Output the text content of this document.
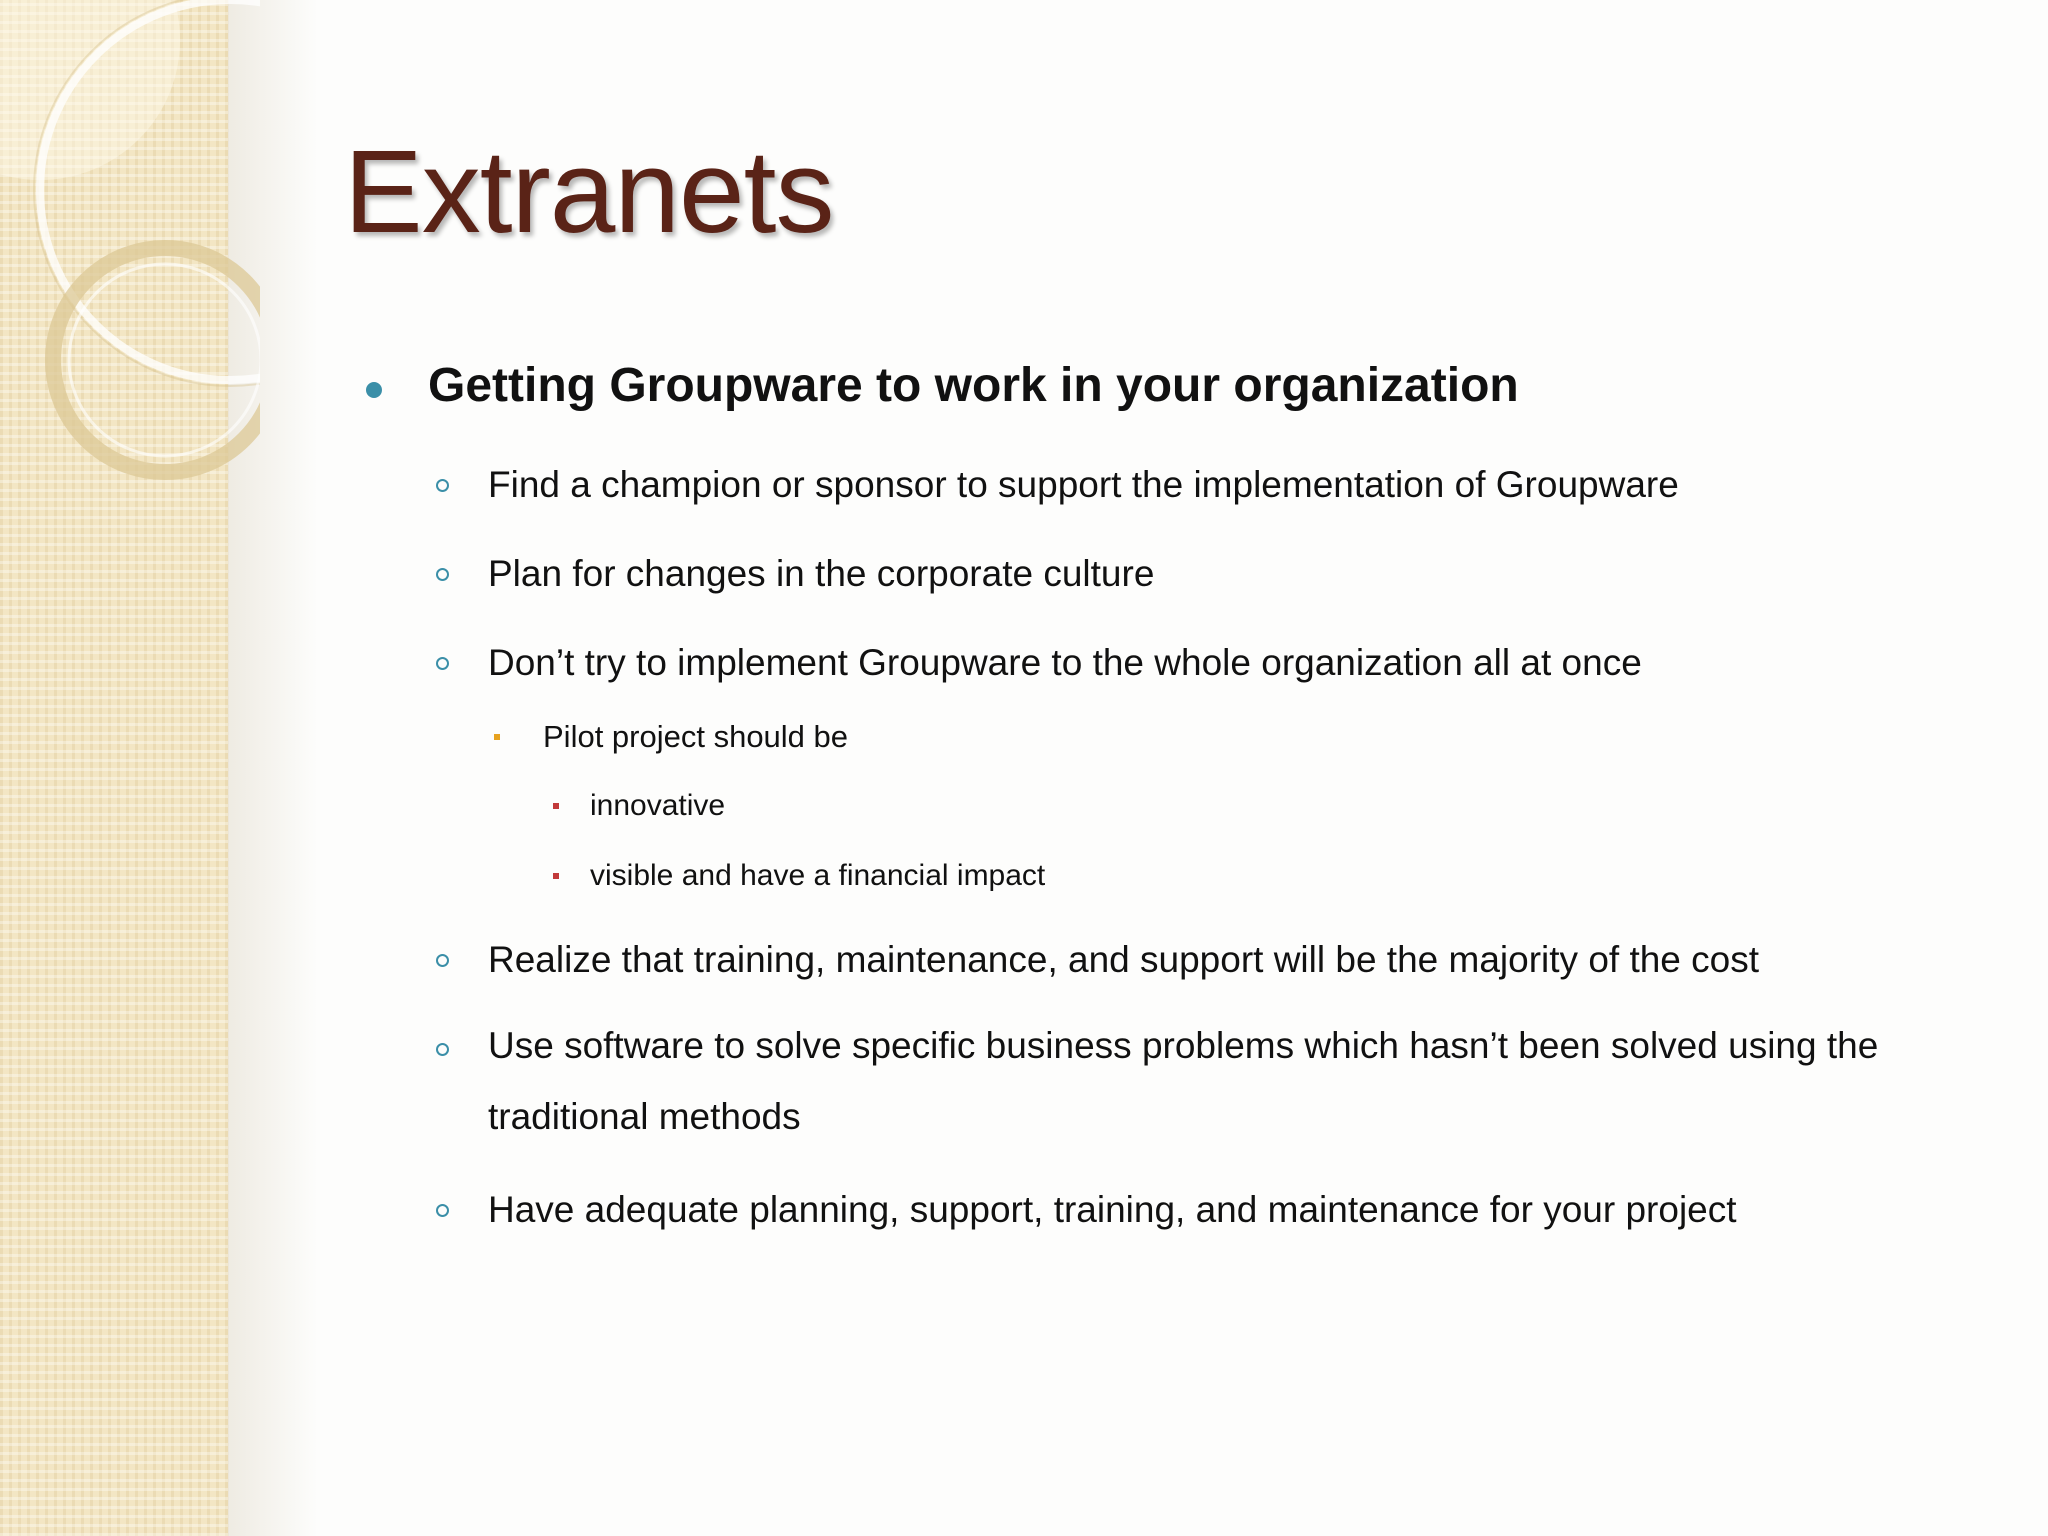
Extranets
Getting Groupware to work in your organization
Find a champion or sponsor to support the implementation of Groupware
Plan for changes in the corporate culture
Don’t try to implement Groupware to the whole organization all at once
Pilot project should be
innovative
visible and have a financial impact
Realize that training, maintenance, and support will be the majority of the cost
Use software to solve specific business problems which hasn’t been solved using the traditional methods
Have adequate planning, support, training, and maintenance for your project
